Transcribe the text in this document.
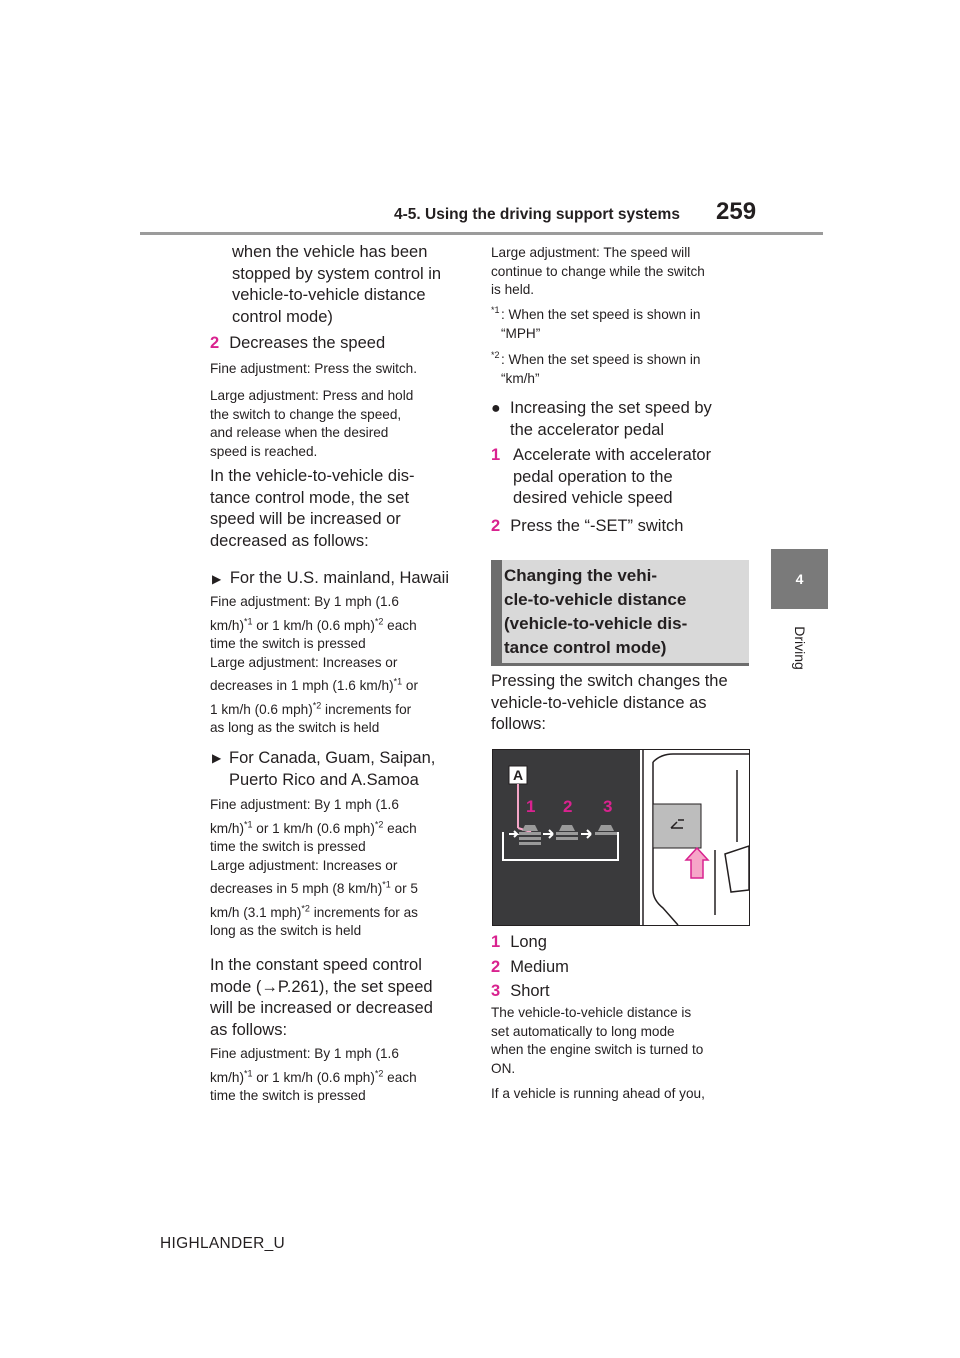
4-5. Using the driving support systems 259
4
Driving
when the vehicle has been
stopped by system control in
vehicle-to-vehicle distance
control mode)
2 Decreases the speed
Fine adjustment: Press the switch.
Large adjustment: Press and hold
the switch to change the speed,
and release when the desired
speed is reached.
In the vehicle-to-vehicle dis-
tance control mode, the set
speed will be increased or
decreased as follows:
▶ For the U.S. mainland, Hawaii
Fine adjustment: By 1 mph (1.6
km/h)$^{*1}$ or 1 km/h (0.6 mph)$^{*2}$ each
time the switch is pressed
Large adjustment: Increases or
decreases in 1 mph (1.6 km/h)$^{*1}$ or
1 km/h (0.6 mph)$^{*2}$ increments for
as long as the switch is held
▶ For Canada, Guam, Saipan,
Puerto Rico and A.Samoa
Fine adjustment: By 1 mph (1.6
km/h)$^{*1}$ or 1 km/h (0.6 mph)$^{*2}$ each
time the switch is pressed
Large adjustment: Increases or
decreases in 5 mph (8 km/h)$^{*1}$ or 5
km/h (3.1 mph)$^{*2}$ increments for as
long as the switch is held
In the constant speed control
mode (→P.261), the set speed
will be increased or decreased
as follows:
Fine adjustment: By 1 mph (1.6
km/h)$^{*1}$ or 1 km/h (0.6 mph)$^{*2}$ each
time the switch is pressed
Large adjustment: The speed will
continue to change while the switch
is held.
*1 : When the set speed is shown in
“MPH”
*2 : When the set speed is shown in
“km/h”
● Increasing the set speed by
the accelerator pedal
1 Accelerate with accelerator
pedal operation to the
desired vehicle speed
2 Press the “-SET” switch
Changing the vehi-
cle-to-vehicle distance
(vehicle-to-vehicle dis-
tance control mode)
Pressing the switch changes the
vehicle-to-vehicle distance as
follows:
A
1 2 3
1 Long
2 Medium
3 Short
The vehicle-to-vehicle distance is
set automatically to long mode
when the engine switch is turned to
ON.
If a vehicle is running ahead of you,
HIGHLANDER_U
